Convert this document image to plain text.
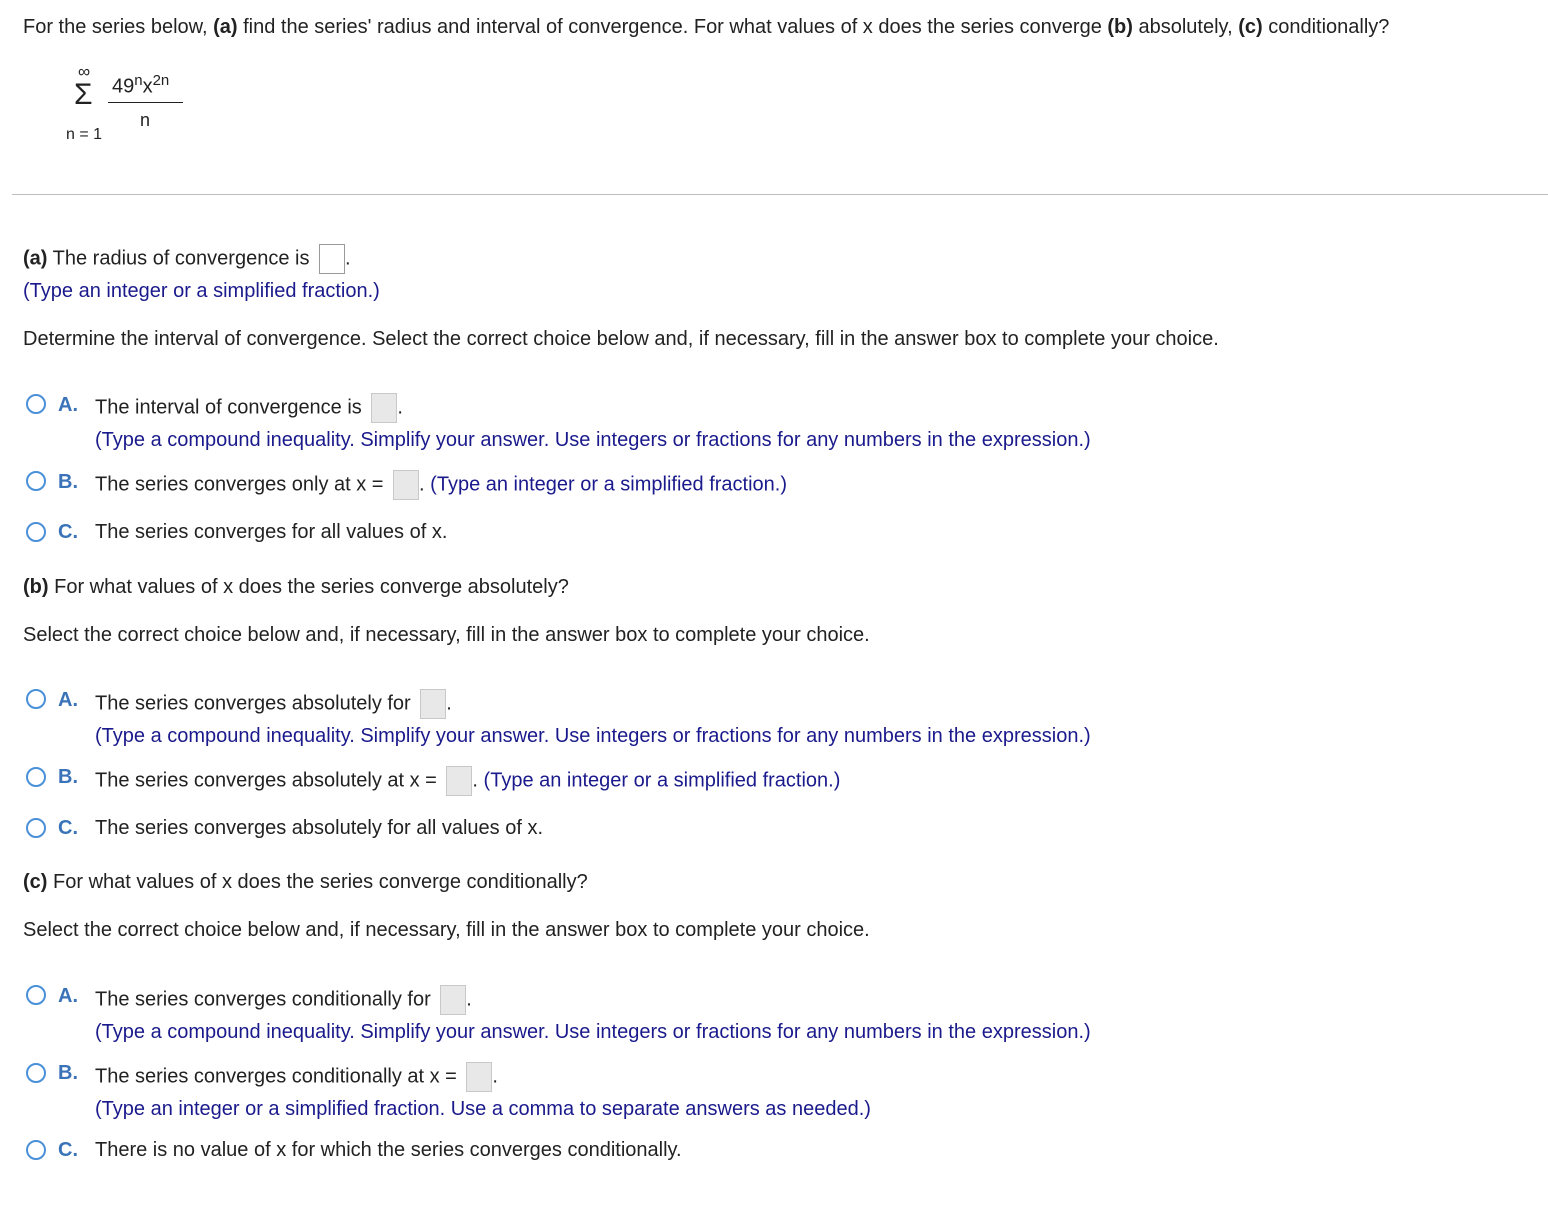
For the series below, (a) find the series' radius and interval of convergence. For what values of x does the series converge (b) absolutely, (c) conditionally?
∞
Σ
n = 1
$49^nx^{2n}$
n
(a) The radius of convergence is .
(Type an integer or a simplified fraction.)
Determine the interval of convergence. Select the correct choice below and, if necessary, fill in the answer box to complete your choice.
A. The interval of convergence is .
(Type a compound inequality. Simplify your answer. Use integers or fractions for any numbers in the expression.)
B. The series converges only at x = . (Type an integer or a simplified fraction.)
C. The series converges for all values of x.
(b) For what values of x does the series converge absolutely?
Select the correct choice below and, if necessary, fill in the answer box to complete your choice.
A. The series converges absolutely for .
(Type a compound inequality. Simplify your answer. Use integers or fractions for any numbers in the expression.)
B. The series converges absolutely at x = . (Type an integer or a simplified fraction.)
C. The series converges absolutely for all values of x.
(c) For what values of x does the series converge conditionally?
Select the correct choice below and, if necessary, fill in the answer box to complete your choice.
A. The series converges conditionally for .
(Type a compound inequality. Simplify your answer. Use integers or fractions for any numbers in the expression.)
B. The series converges conditionally at x = .
(Type an integer or a simplified fraction. Use a comma to separate answers as needed.)
C. There is no value of x for which the series converges conditionally.
